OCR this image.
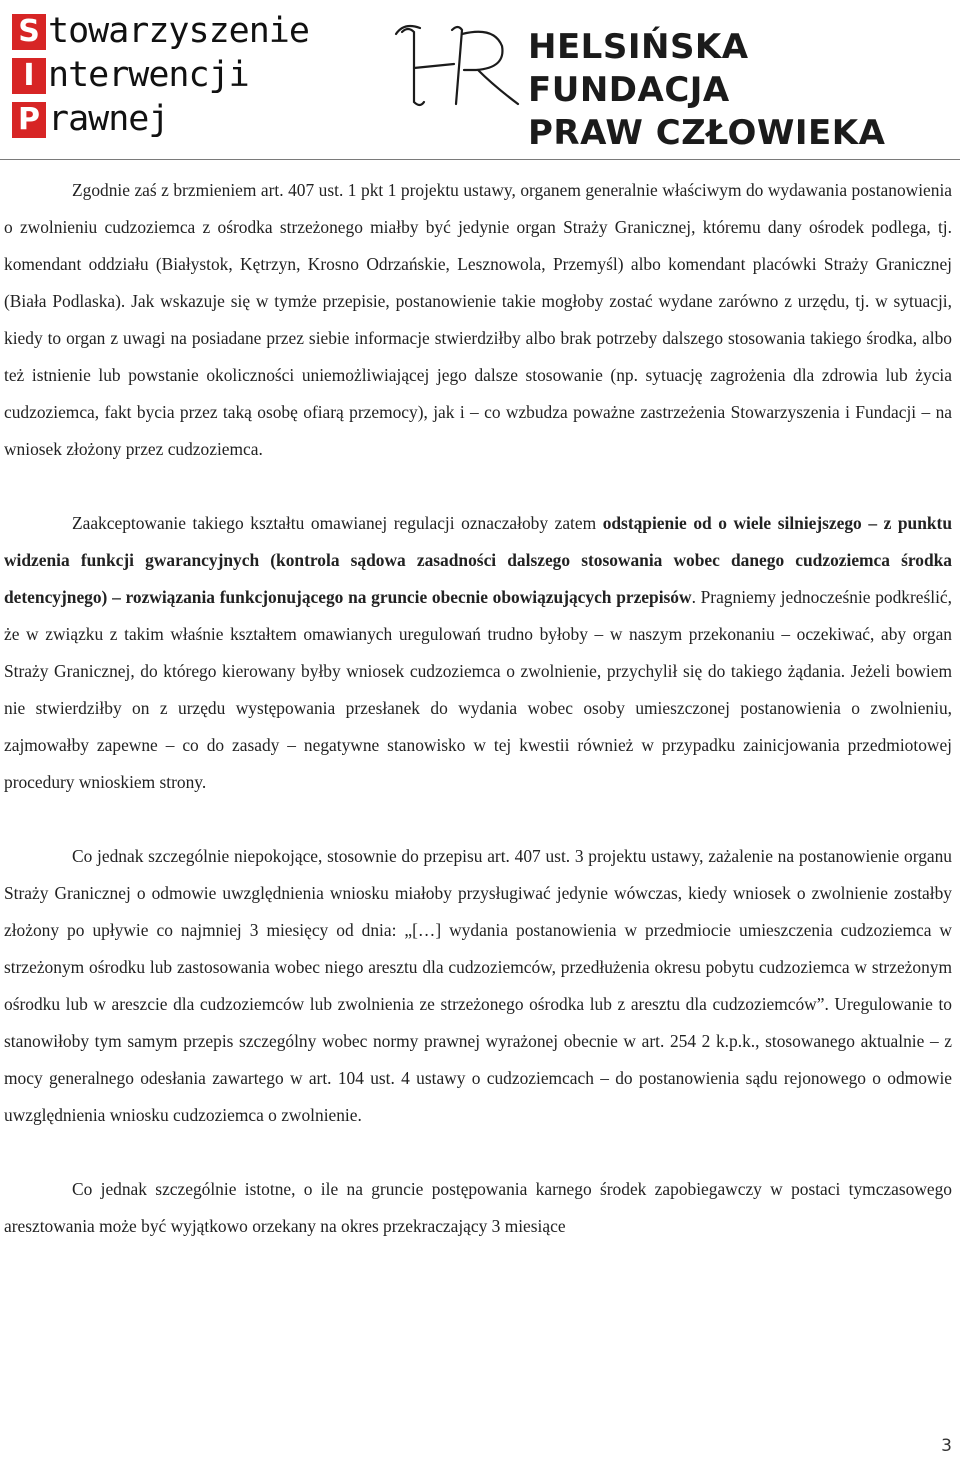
S towarzyszenie
I nterwencji
P rawnej
HELSIŃSKA FUNDACJA
PRAW CZŁOWIEKA

Zgodnie zaś z brzmieniem art. 407 ust. 1 pkt 1 projektu ustawy, organem generalnie właściwym do wydawania postanowienia o zwolnieniu cudzoziemca z ośrodka strzeżonego miałby być jedynie organ Straży Granicznej, któremu dany ośrodek podlega, tj. komendant oddziału (Białystok, Kętrzyn, Krosno Odrzańskie, Lesznowola, Przemyśl) albo komendant placówki Straży Granicznej (Biała Podlaska). Jak wskazuje się w tymże przepisie, postanowienie takie mogłoby zostać wydane zarówno z urzędu, tj. w sytuacji, kiedy to organ z uwagi na posiadane przez siebie informacje stwierdziłby albo brak potrzeby dalszego stosowania takiego środka, albo też istnienie lub powstanie okoliczności uniemożliwiającej jego dalsze stosowanie (np. sytuację zagrożenia dla zdrowia lub życia cudzoziemca, fakt bycia przez taką osobę ofiarą przemocy), jak i – co wzbudza poważne zastrzeżenia Stowarzyszenia i Fundacji – na wniosek złożony przez cudzoziemca.

Zaakceptowanie takiego kształtu omawianej regulacji oznaczałoby zatem odstąpienie od o wiele silniejszego – z punktu widzenia funkcji gwarancyjnych (kontrola sądowa zasadności dalszego stosowania wobec danego cudzoziemca środka detencyjnego) – rozwiązania funkcjonującego na gruncie obecnie obowiązujących przepisów. Pragniemy jednocześnie podkreślić, że w związku z takim właśnie kształtem omawianych uregulowań trudno byłoby – w naszym przekonaniu – oczekiwać, aby organ Straży Granicznej, do którego kierowany byłby wniosek cudzoziemca o zwolnienie, przychylił się do takiego żądania. Jeżeli bowiem nie stwierdziłby on z urzędu występowania przesłanek do wydania wobec osoby umieszczonej postanowienia o zwolnieniu, zajmowałby zapewne – co do zasady – negatywne stanowisko w tej kwestii również w przypadku zainicjowania przedmiotowej procedury wnioskiem strony.

Co jednak szczególnie niepokojące, stosownie do przepisu art. 407 ust. 3 projektu ustawy, zażalenie na postanowienie organu Straży Granicznej o odmowie uwzględnienia wniosku miałoby przysługiwać jedynie wówczas, kiedy wniosek o zwolnienie zostałby złożony po upływie co najmniej 3 miesięcy od dnia: „[…] wydania postanowienia w przedmiocie umieszczenia cudzoziemca w strzeżonym ośrodku lub zastosowania wobec niego aresztu dla cudzoziemców, przedłużenia okresu pobytu cudzoziemca w strzeżonym ośrodku lub w areszcie dla cudzoziemców lub zwolnienia ze strzeżonego ośrodka lub z aresztu dla cudzoziemców”. Uregulowanie to stanowiłoby tym samym przepis szczególny wobec normy prawnej wyrażonej obecnie w art. 254 2 k.p.k., stosowanego aktualnie – z mocy generalnego odesłania zawartego w art. 104 ust. 4 ustawy o cudzoziemcach – do postanowienia sądu rejonowego o odmowie uwzględnienia wniosku cudzoziemca o zwolnienie.

Co jednak szczególnie istotne, o ile na gruncie postępowania karnego środek zapobiegawczy w postaci tymczasowego aresztowania może być wyjątkowo orzekany na okres przekraczający 3 miesiące

3
